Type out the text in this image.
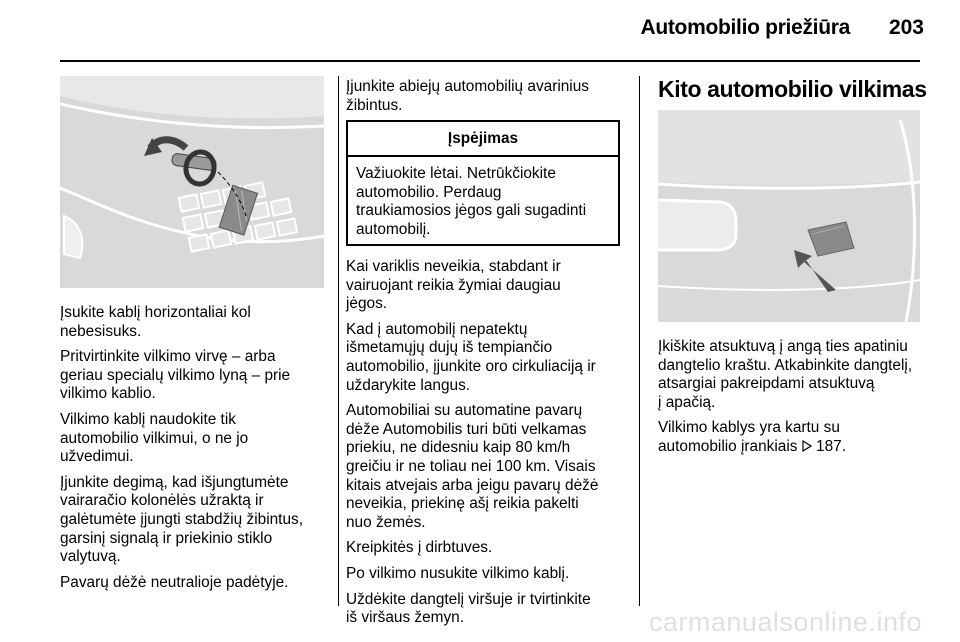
Automobilio priežiūra	203

Įsukite kablį horizontaliai kol
nebesisuks.

Pritvirtinkite vilkimo virvę – arba
geriau specialų vilkimo lyną – prie
vilkimo kablio.

Vilkimo kablį naudokite tik
automobilio vilkimui, o ne jo
užvedimui.

Įjunkite degimą, kad išjungtumėte
vairaračio kolonėlės užraktą ir
galėtumėte įjungti stabdžių žibintus,
garsinį signalą ir priekinio stiklo
valytuvą.

Pavarų dėžė neutralioje padėtyje.

Įjunkite abiejų automobilių avarinius
žibintus.

Įspėjimas
Važiuokite lėtai. Netrūkčiokite
automobilio. Perdaug
traukiamosios jėgos gali sugadinti
automobilį.

Kai variklis neveikia, stabdant ir
vairuojant reikia žymiai daugiau
jėgos.

Kad į automobilį nepatektų
išmetamųjų dujų iš tempiančio
automobilio, įjunkite oro cirkuliaciją ir
uždarykite langus.

Automobiliai su automatine pavarų
dėže Automobilis turi būti velkamas
priekiu, ne didesniu kaip 80 km/h
greičiu ir ne toliau nei 100 km. Visais
kitais atvejais arba jeigu pavarų dėžė
neveikia, priekinę ašį reikia pakelti
nuo žemės.

Kreipkitės į dirbtuves.

Po vilkimo nusukite vilkimo kablį.

Uždėkite dangtelį viršuje ir tvirtinkite
iš viršaus žemyn.

Kito automobilio vilkimas

Įkiškite atsuktuvą į angą ties apatiniu
dangtelio kraštu. Atkabinkite dangtelį,
atsargiai pakreipdami atsuktuvą
į apačią.

Vilkimo kablys yra kartu su
automobilio įrankiais 187.

carmanualsonline.info
